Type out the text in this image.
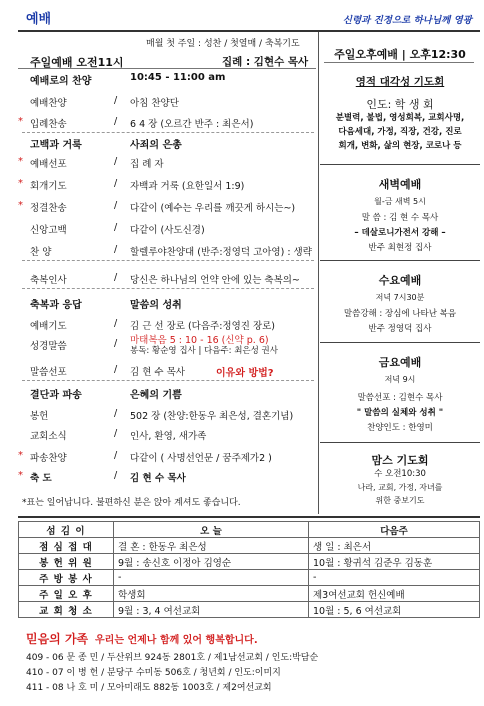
예배	신령과 진정으로 하나님께 영광
매월 첫 주일 : 성찬 / 첫열매 / 축복기도
주일예배 오전11시	집례 : 김현수 목사
예배로의 찬양	10:45 - 11:00 am
예배찬양	/ 아침 찬양단
* 입례찬송	/ 6 4 장 (오르간 반주 : 최은서)
고백과 거룩	사죄의 은총
* 예배선포	/ 집 례 자
* 회개기도	/ 자백과 거룩 (요한일서 1:9)
* 정결찬송	/ 다같이 (예수는 우리를 깨끗게 하시는~)
신앙고백	/ 다같이 (사도신경)
찬 양	/ 할렐루야찬양대 (반주:정영덕 고아영) : 생략
축복인사	/ 당신은 하나님의 언약 안에 있는 축복의~
축복과 응답	말씀의 성취
예배기도	/ 김 근 선 장로 (다음주:정영진 장로)
성경말씀	/ 마태복음 5 : 10 - 16 (신약 p. 6)
봉독: 황순영 집사 | 다음주: 최은성 권사
말씀선포	/ 김 현 수 목사	이유와 방법?
결단과 파송	은혜의 기쁨
봉헌	/ 502 장 (찬양:한동우 최은성, 결혼기념)
교회소식	/ 인사, 환영, 새가족
* 파송찬양	/ 다같이 ( 사명선언문 / 꿈주제가2 )
* 축 도	/ 김 현 수 목사
*표는 일어납니다. 불편하신 분은 앉아 계셔도 좋습니다.
주일오후예배 | 오후12:30
영적 대각성 기도회
인도: 학 생 회
분별력, 불법, 영성회복, 교회사명,
다음세대, 가정, 직장, 건강, 진로
회개, 변화, 삶의 현장, 코로나 등
새벽예배
월-금 새벽 5시
말 씀 : 김 현 수 목사
– 데살로니가전서 강해 –
반주 최현정 집사
수요예배
저녁 7시30분
말씀강해 : 장심에 나타난 복음
반주 정영덕 집사
금요예배
저녁 9시
말씀선포 : 김현수 목사
" 말씀의 실체와 성취 "
찬양인도 : 한영미
맘스 기도회
수 오전10:30
나라, 교회, 가정, 자녀를
위한 중보기도
섬 김 이	오 늘	다음주
점 심 접 대	결 혼 : 한동우 최은성	생 일 : 최은서
봉 헌 위 원	9월 : 송신호 이정아 김영순	10월 : 황귀석 김준우 김동훈
주 방 봉 사	-	-
주 일 오 후	학생회	제3여선교회 헌신예배
교 회 청 소	9월 : 3, 4 여선교회	10월 : 5, 6 여선교회
믿음의 가족 우리는 언제나 함께 있어 행복합니다.
409 - 06 문 종 민 / 두산위브 924동 2801호 / 제1남선교회 / 인도:박담순
410 - 07 이 병 헌 / 분당구 수미동 506호 / 청년회 / 인도:이미지
411 - 08 나 호 미 / 모아미래도 882동 1003호 / 제2여선교회
